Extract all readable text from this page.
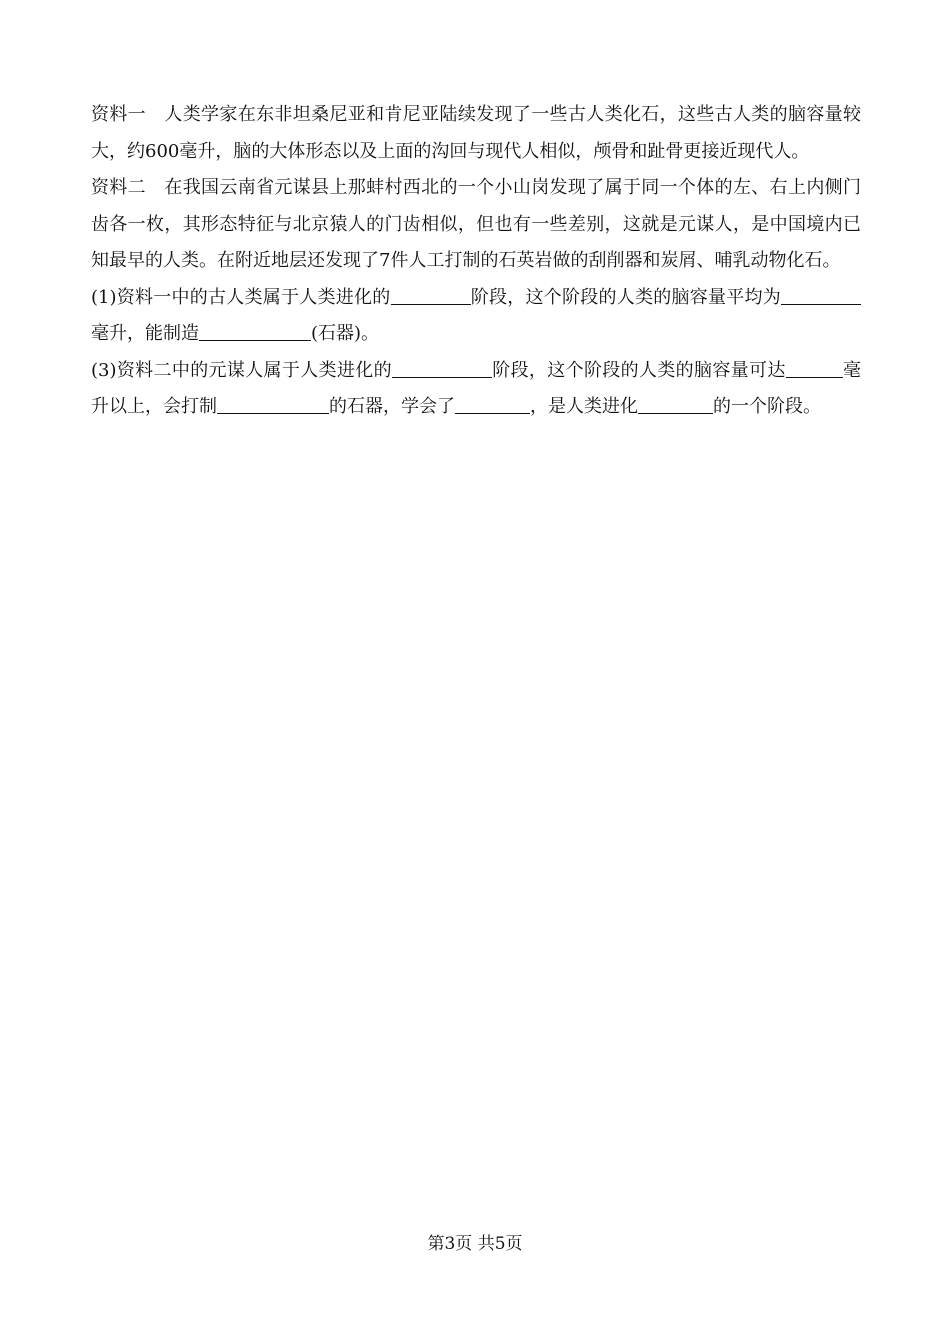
资料一 人类学家在东非坦桑尼亚和肯尼亚陆续发现了一些古人类化石，这些古人类的脑容量较大，约600毫升，脑的大体形态以及上面的沟回与现代人相似，颅骨和趾骨更接近现代人。

资料二 在我国云南省元谋县上那蚌村西北的一个小山岗发现了属于同一个体的左、右上内侧门齿各一枚，其形态特征与北京猿人的门齿相似，但也有一些差别，这就是元谋人，是中国境内已知最早的人类。在附近地层还发现了7件人工打制的石英岩做的刮削器和炭屑、哺乳动物化石。

(1)资料一中的古人类属于人类进化的	阶段，这个阶段的人类的脑容量平均为毫升，能制造	(石器)。

(3)资料二中的元谋人属于人类进化的	阶段，这个阶段的人类的脑容量可达	毫升以上，会打制	的石器，学会了	，是人类进化	的一个阶段。

第3页 共5页
